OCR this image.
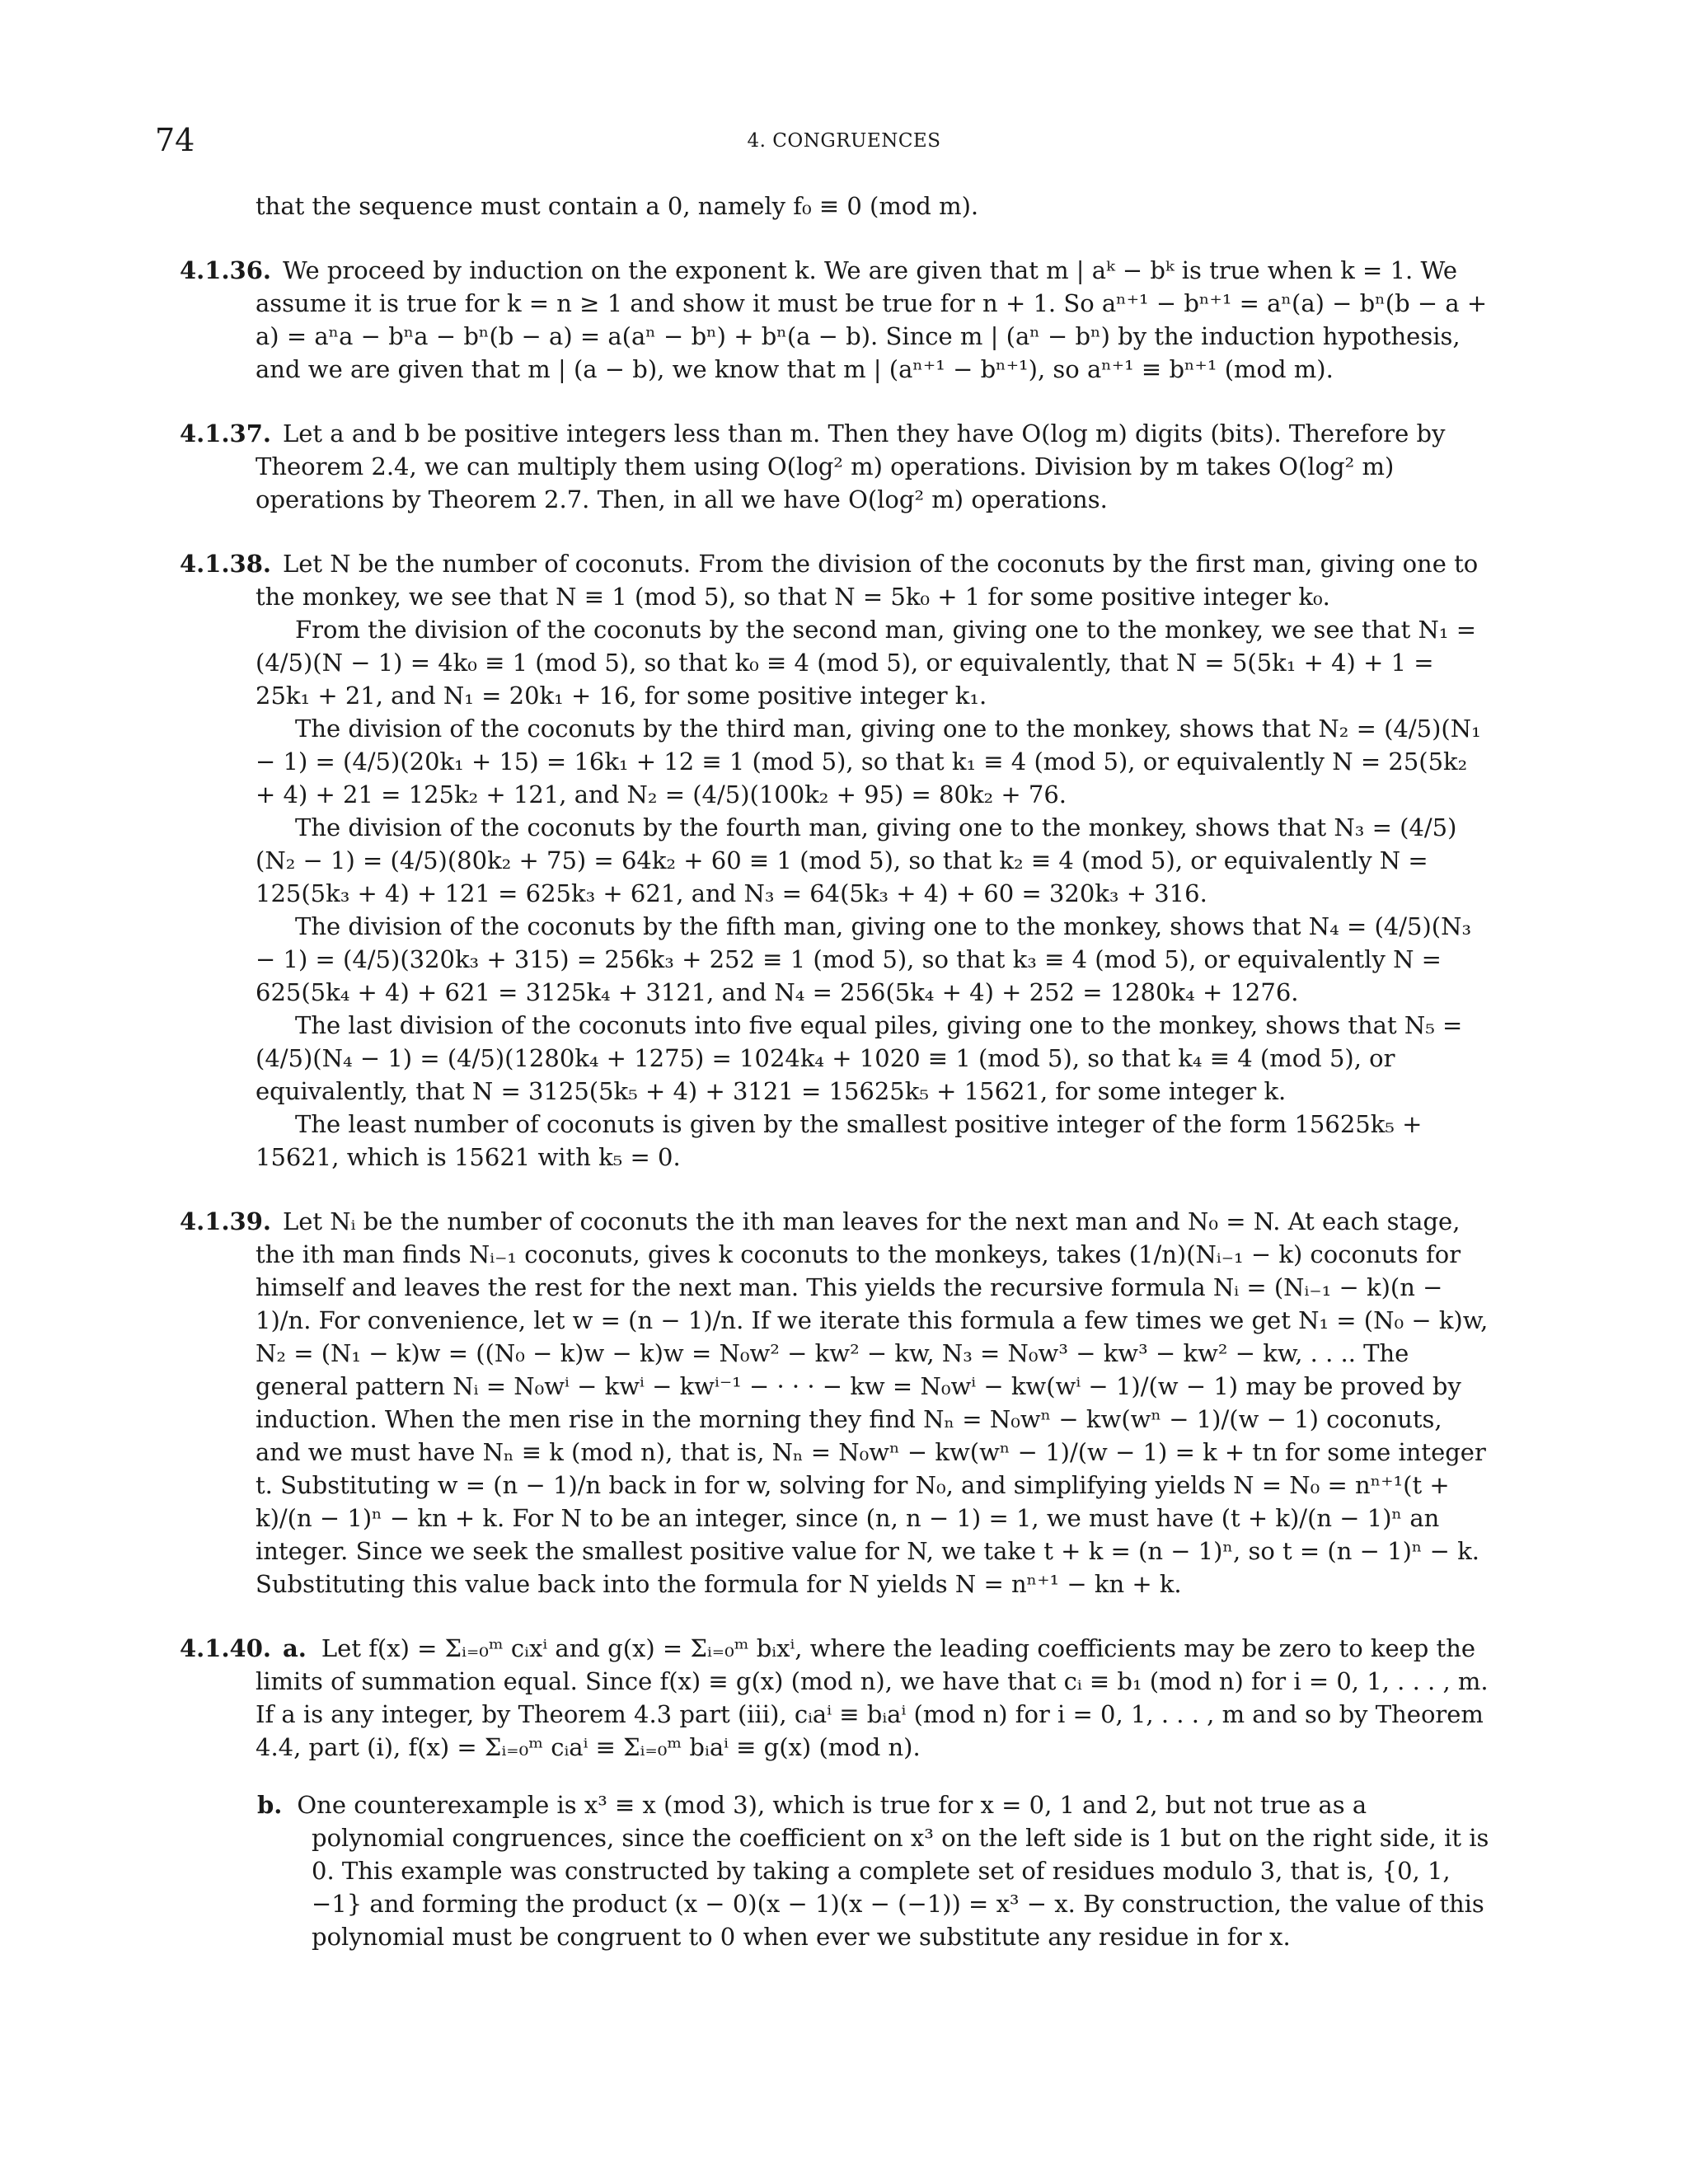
74	4. CONGRUENCES

that the sequence must contain a 0, namely f₀ ≡ 0 (mod m).

4.1.36. We proceed by induction on the exponent k. We are given that m | aᵏ − bᵏ is true when k = 1. We assume it is true for k = n ≥ 1 and show it must be true for n + 1. So aⁿ⁺¹ − bⁿ⁺¹ = aⁿ(a) − bⁿ(b − a + a) = aⁿa − bⁿa − bⁿ(b − a) = a(aⁿ − bⁿ) + bⁿ(a − b). Since m | (aⁿ − bⁿ) by the induction hypothesis, and we are given that m | (a − b), we know that m | (aⁿ⁺¹ − bⁿ⁺¹), so aⁿ⁺¹ ≡ bⁿ⁺¹ (mod m).

4.1.37. Let a and b be positive integers less than m. Then they have O(log m) digits (bits). Therefore by Theorem 2.4, we can multiply them using O(log² m) operations. Division by m takes O(log² m) operations by Theorem 2.7. Then, in all we have O(log² m) operations.

4.1.38. Let N be the number of coconuts. From the division of the coconuts by the first man, giving one to the monkey, we see that N ≡ 1 (mod 5), so that N = 5k₀ + 1 for some positive integer k₀.

From the division of the coconuts by the second man, giving one to the monkey, we see that N₁ = (4/5)(N − 1) = 4k₀ ≡ 1 (mod 5), so that k₀ ≡ 4 (mod 5), or equivalently, that N = 5(5k₁ + 4) + 1 = 25k₁ + 21, and N₁ = 20k₁ + 16, for some positive integer k₁.

The division of the coconuts by the third man, giving one to the monkey, shows that N₂ = (4/5)(N₁ − 1) = (4/5)(20k₁ + 15) = 16k₁ + 12 ≡ 1 (mod 5), so that k₁ ≡ 4 (mod 5), or equivalently N = 25(5k₂ + 4) + 21 = 125k₂ + 121, and N₂ = (4/5)(100k₂ + 95) = 80k₂ + 76.

The division of the coconuts by the fourth man, giving one to the monkey, shows that N₃ = (4/5)(N₂ − 1) = (4/5)(80k₂ + 75) = 64k₂ + 60 ≡ 1 (mod 5), so that k₂ ≡ 4 (mod 5), or equivalently N = 125(5k₃ + 4) + 121 = 625k₃ + 621, and N₃ = 64(5k₃ + 4) + 60 = 320k₃ + 316.

The division of the coconuts by the fifth man, giving one to the monkey, shows that N₄ = (4/5)(N₃ − 1) = (4/5)(320k₃ + 315) = 256k₃ + 252 ≡ 1 (mod 5), so that k₃ ≡ 4 (mod 5), or equivalently N = 625(5k₄ + 4) + 621 = 3125k₄ + 3121, and N₄ = 256(5k₄ + 4) + 252 = 1280k₄ + 1276.

The last division of the coconuts into five equal piles, giving one to the monkey, shows that N₅ = (4/5)(N₄ − 1) = (4/5)(1280k₄ + 1275) = 1024k₄ + 1020 ≡ 1 (mod 5), so that k₄ ≡ 4 (mod 5), or equivalently, that N = 3125(5k₅ + 4) + 3121 = 15625k₅ + 15621, for some integer k.

The least number of coconuts is given by the smallest positive integer of the form 15625k₅ + 15621, which is 15621 with k₅ = 0.

4.1.39. Let Nᵢ be the number of coconuts the ith man leaves for the next man and N₀ = N. At each stage, the ith man finds Nᵢ₋₁ coconuts, gives k coconuts to the monkeys, takes (1/n)(Nᵢ₋₁ − k) coconuts for himself and leaves the rest for the next man. This yields the recursive formula Nᵢ = (Nᵢ₋₁ − k)(n − 1)/n. For convenience, let w = (n − 1)/n. If we iterate this formula a few times we get N₁ = (N₀ − k)w, N₂ = (N₁ − k)w = ((N₀ − k)w − k)w = N₀w² − kw² − kw, N₃ = N₀w³ − kw³ − kw² − kw, . . .. The general pattern Nᵢ = N₀wⁱ − kwⁱ − kwⁱ⁻¹ − · · · − kw = N₀wⁱ − kw(wⁱ − 1)/(w − 1) may be proved by induction. When the men rise in the morning they find Nₙ = N₀wⁿ − kw(wⁿ − 1)/(w − 1) coconuts, and we must have Nₙ ≡ k (mod n), that is, Nₙ = N₀wⁿ − kw(wⁿ − 1)/(w − 1) = k + tn for some integer t. Substituting w = (n − 1)/n back in for w, solving for N₀, and simplifying yields N = N₀ = nⁿ⁺¹(t + k)/(n − 1)ⁿ − kn + k. For N to be an integer, since (n, n − 1) = 1, we must have (t + k)/(n − 1)ⁿ an integer. Since we seek the smallest positive value for N, we take t + k = (n − 1)ⁿ, so t = (n − 1)ⁿ − k. Substituting this value back into the formula for N yields N = nⁿ⁺¹ − kn + k.

4.1.40. a. Let f(x) = Σᵢ₌₀ᵐ cᵢxⁱ and g(x) = Σᵢ₌₀ᵐ bᵢxⁱ, where the leading coefficients may be zero to keep the limits of summation equal. Since f(x) ≡ g(x) (mod n), we have that cᵢ ≡ b₁ (mod n) for i = 0, 1, . . . , m. If a is any integer, by Theorem 4.3 part (iii), cᵢaⁱ ≡ bᵢaⁱ (mod n) for i = 0, 1, . . . , m and so by Theorem 4.4, part (i), f(x) = Σᵢ₌₀ᵐ cᵢaⁱ ≡ Σᵢ₌₀ᵐ bᵢaⁱ ≡ g(x) (mod n).

b. One counterexample is x³ ≡ x (mod 3), which is true for x = 0, 1 and 2, but not true as a polynomial congruences, since the coefficient on x³ on the left side is 1 but on the right side, it is 0. This example was constructed by taking a complete set of residues modulo 3, that is, {0, 1, −1} and forming the product (x − 0)(x − 1)(x − (−1)) = x³ − x. By construction, the value of this polynomial must be congruent to 0 when ever we substitute any residue in for x.
